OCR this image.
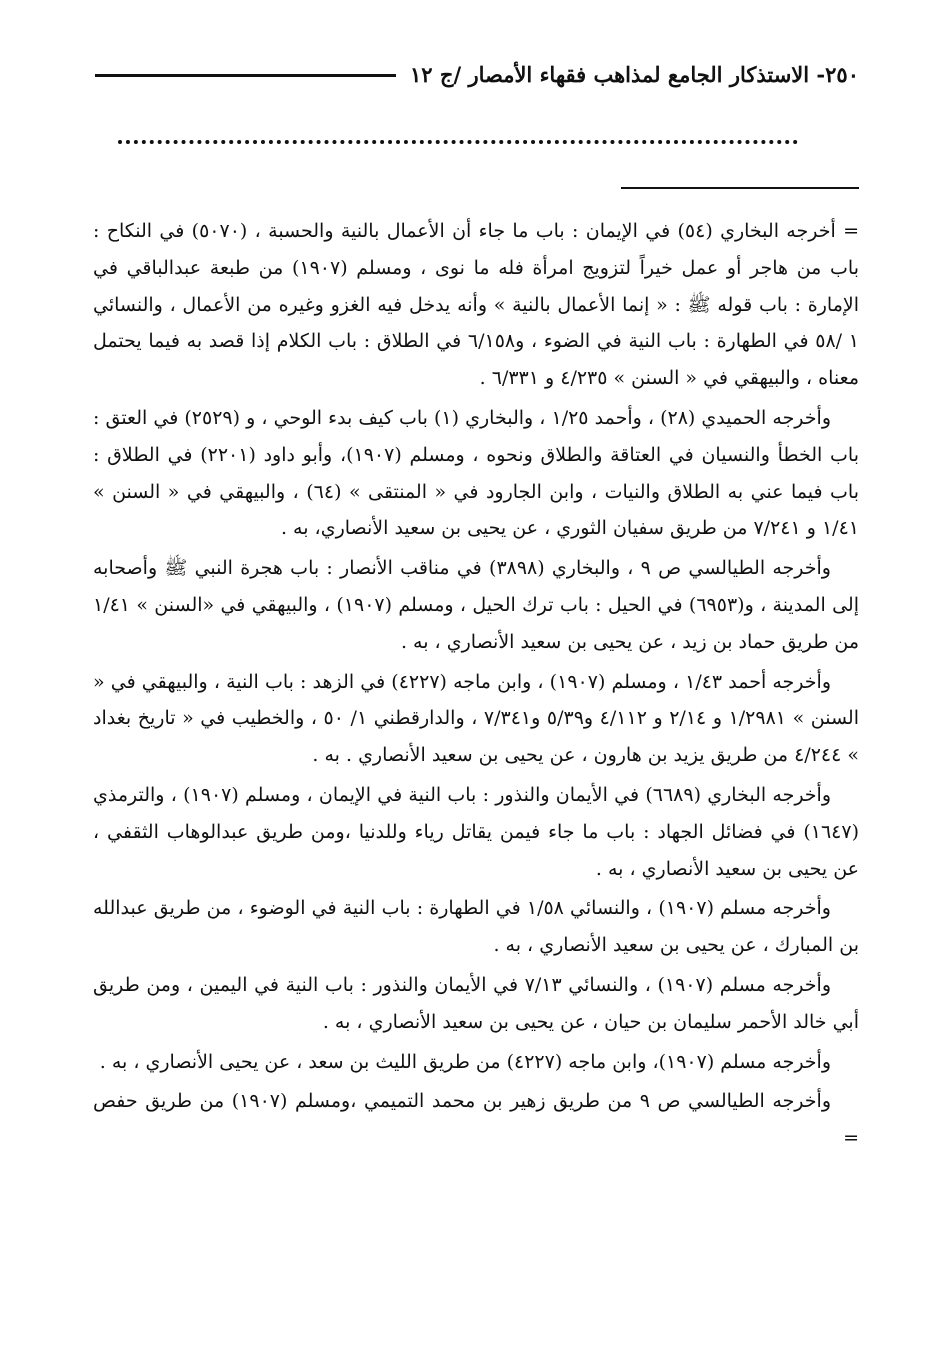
٢٥٠- الاستذكار الجامع لمذاهب فقهاء الأمصار /ج ١٢

= أخرجه البخاري (٥٤) في الإيمان : باب ما جاء أن الأعمال بالنية والحسبة ، (٥٠٧٠) في النكاح : باب من هاجر أو عمل خيراً لتزويج امرأة فله ما نوى ، ومسلم (١٩٠٧) من طبعة عبدالباقي في الإمارة : باب قوله ﷺ : « إنما الأعمال بالنية » وأنه يدخل فيه الغزو وغيره من الأعمال ، والنسائي ١ /٥٨ في الطهارة : باب النية في الضوء ، و٦/١٥٨ في الطلاق : باب الكلام إذا قصد به فيما يحتمل معناه ، والبيهقي في « السنن » ٤/٢٣٥ و ٦/٣٣١ .

وأخرجه الحميدي (٢٨) ، وأحمد ١/٢٥ ، والبخاري (١) باب كيف بدء الوحي ، و (٢٥٢٩) في العتق : باب الخطأ والنسيان في العتاقة والطلاق ونحوه ، ومسلم (١٩٠٧)، وأبو داود (٢٢٠١) في الطلاق : باب فيما عني به الطلاق والنيات ، وابن الجارود في « المنتقى » (٦٤) ، والبيهقي في « السنن » ١/٤١ و ٧/٢٤١ من طريق سفيان الثوري ، عن يحيى بن سعيد الأنصاري، به .

وأخرجه الطيالسي ص ٩ ، والبخاري (٣٨٩٨) في مناقب الأنصار : باب هجرة النبي ﷺ وأصحابه إلى المدينة ، و(٦٩٥٣) في الحيل : باب ترك الحيل ، ومسلم (١٩٠٧) ، والبيهقي في «السنن » ١/٤١ من طريق حماد بن زيد ، عن يحيى بن سعيد الأنصاري ، به .

وأخرجه أحمد ١/٤٣ ، ومسلم (١٩٠٧) ، وابن ماجه (٤٢٢٧) في الزهد : باب النية ، والبيهقي في « السنن » ١/٢٩٨١ و ٢/١٤ و ٤/١١٢ و٥/٣٩ و٧/٣٤١ ، والدارقطني ١/ ٥٠ ، والخطيب في « تاريخ بغداد » ٤/٢٤٤ من طريق يزيد بن هارون ، عن يحيى بن سعيد الأنصاري . به .

وأخرجه البخاري (٦٦٨٩) في الأيمان والنذور : باب النية في الإيمان ، ومسلم (١٩٠٧) ، والترمذي (١٦٤٧) في فضائل الجهاد : باب ما جاء فيمن يقاتل رياء وللدنيا ،ومن طريق عبدالوهاب الثقفي ، عن يحيى بن سعيد الأنصاري ، به .

وأخرجه مسلم (١٩٠٧) ، والنسائي ١/٥٨ في الطهارة : باب النية في الوضوء ، من طريق عبدالله بن المبارك ، عن يحيى بن سعيد الأنصاري ، به .

وأخرجه مسلم (١٩٠٧) ، والنسائي ٧/١٣ في الأيمان والنذور : باب النية في اليمين ، ومن طريق أبي خالد الأحمر سليمان بن حيان ، عن يحيى بن سعيد الأنصاري ، به .

وأخرجه مسلم (١٩٠٧)، وابن ماجه (٤٢٢٧) من طريق الليث بن سعد ، عن يحيى الأنصاري ، به .

وأخرجه الطيالسي ص ٩ من طريق زهير بن محمد التميمي ،ومسلم (١٩٠٧) من طريق حفص =
